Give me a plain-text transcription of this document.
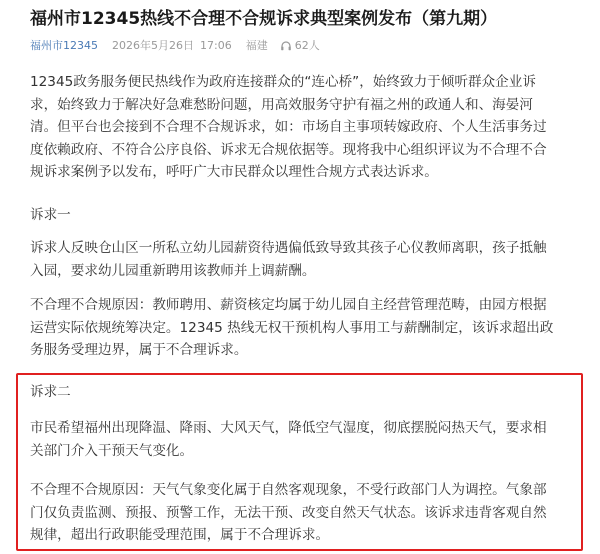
福州市12345热线不合理不合规诉求典型案例发布（第九期）
福州市12345 2026年5月26日 17:06 福建 62人
12345政务服务便民热线作为政府连接群众的“连心桥”，始终致力于倾听群众企业诉
求，始终致力于解决好急难愁盼问题，用高效服务守护有福之州的政通人和、海晏河
清。但平台也会接到不合理不合规诉求，如：市场自主事项转嫁政府、个人生活事务过
度依赖政府、不符合公序良俗、诉求无合规依据等。现将我中心组织评议为不合理不合
规诉求案例予以发布，呼吁广大市民群众以理性合规方式表达诉求。
诉求一
诉求人反映仓山区一所私立幼儿园薪资待遇偏低致导致其孩子心仪教师离职，孩子抵触
入园，要求幼儿园重新聘用该教师并上调薪酬。
不合理不合规原因：教师聘用、薪资核定均属于幼儿园自主经营管理范畴，由园方根据
运营实际依规统筹决定。12345 热线无权干预机构人事用工与薪酬制定，该诉求超出政
务服务受理边界，属于不合理诉求。
诉求二
市民希望福州出现降温、降雨、大风天气，降低空气湿度，彻底摆脱闷热天气，要求相
关部门介入干预天气变化。
不合理不合规原因：天气气象变化属于自然客观现象，不受行政部门人为调控。气象部
门仅负责监测、预报、预警工作，无法干预、改变自然天气状态。该诉求违背客观自然
规律，超出行政职能受理范围，属于不合理诉求。
